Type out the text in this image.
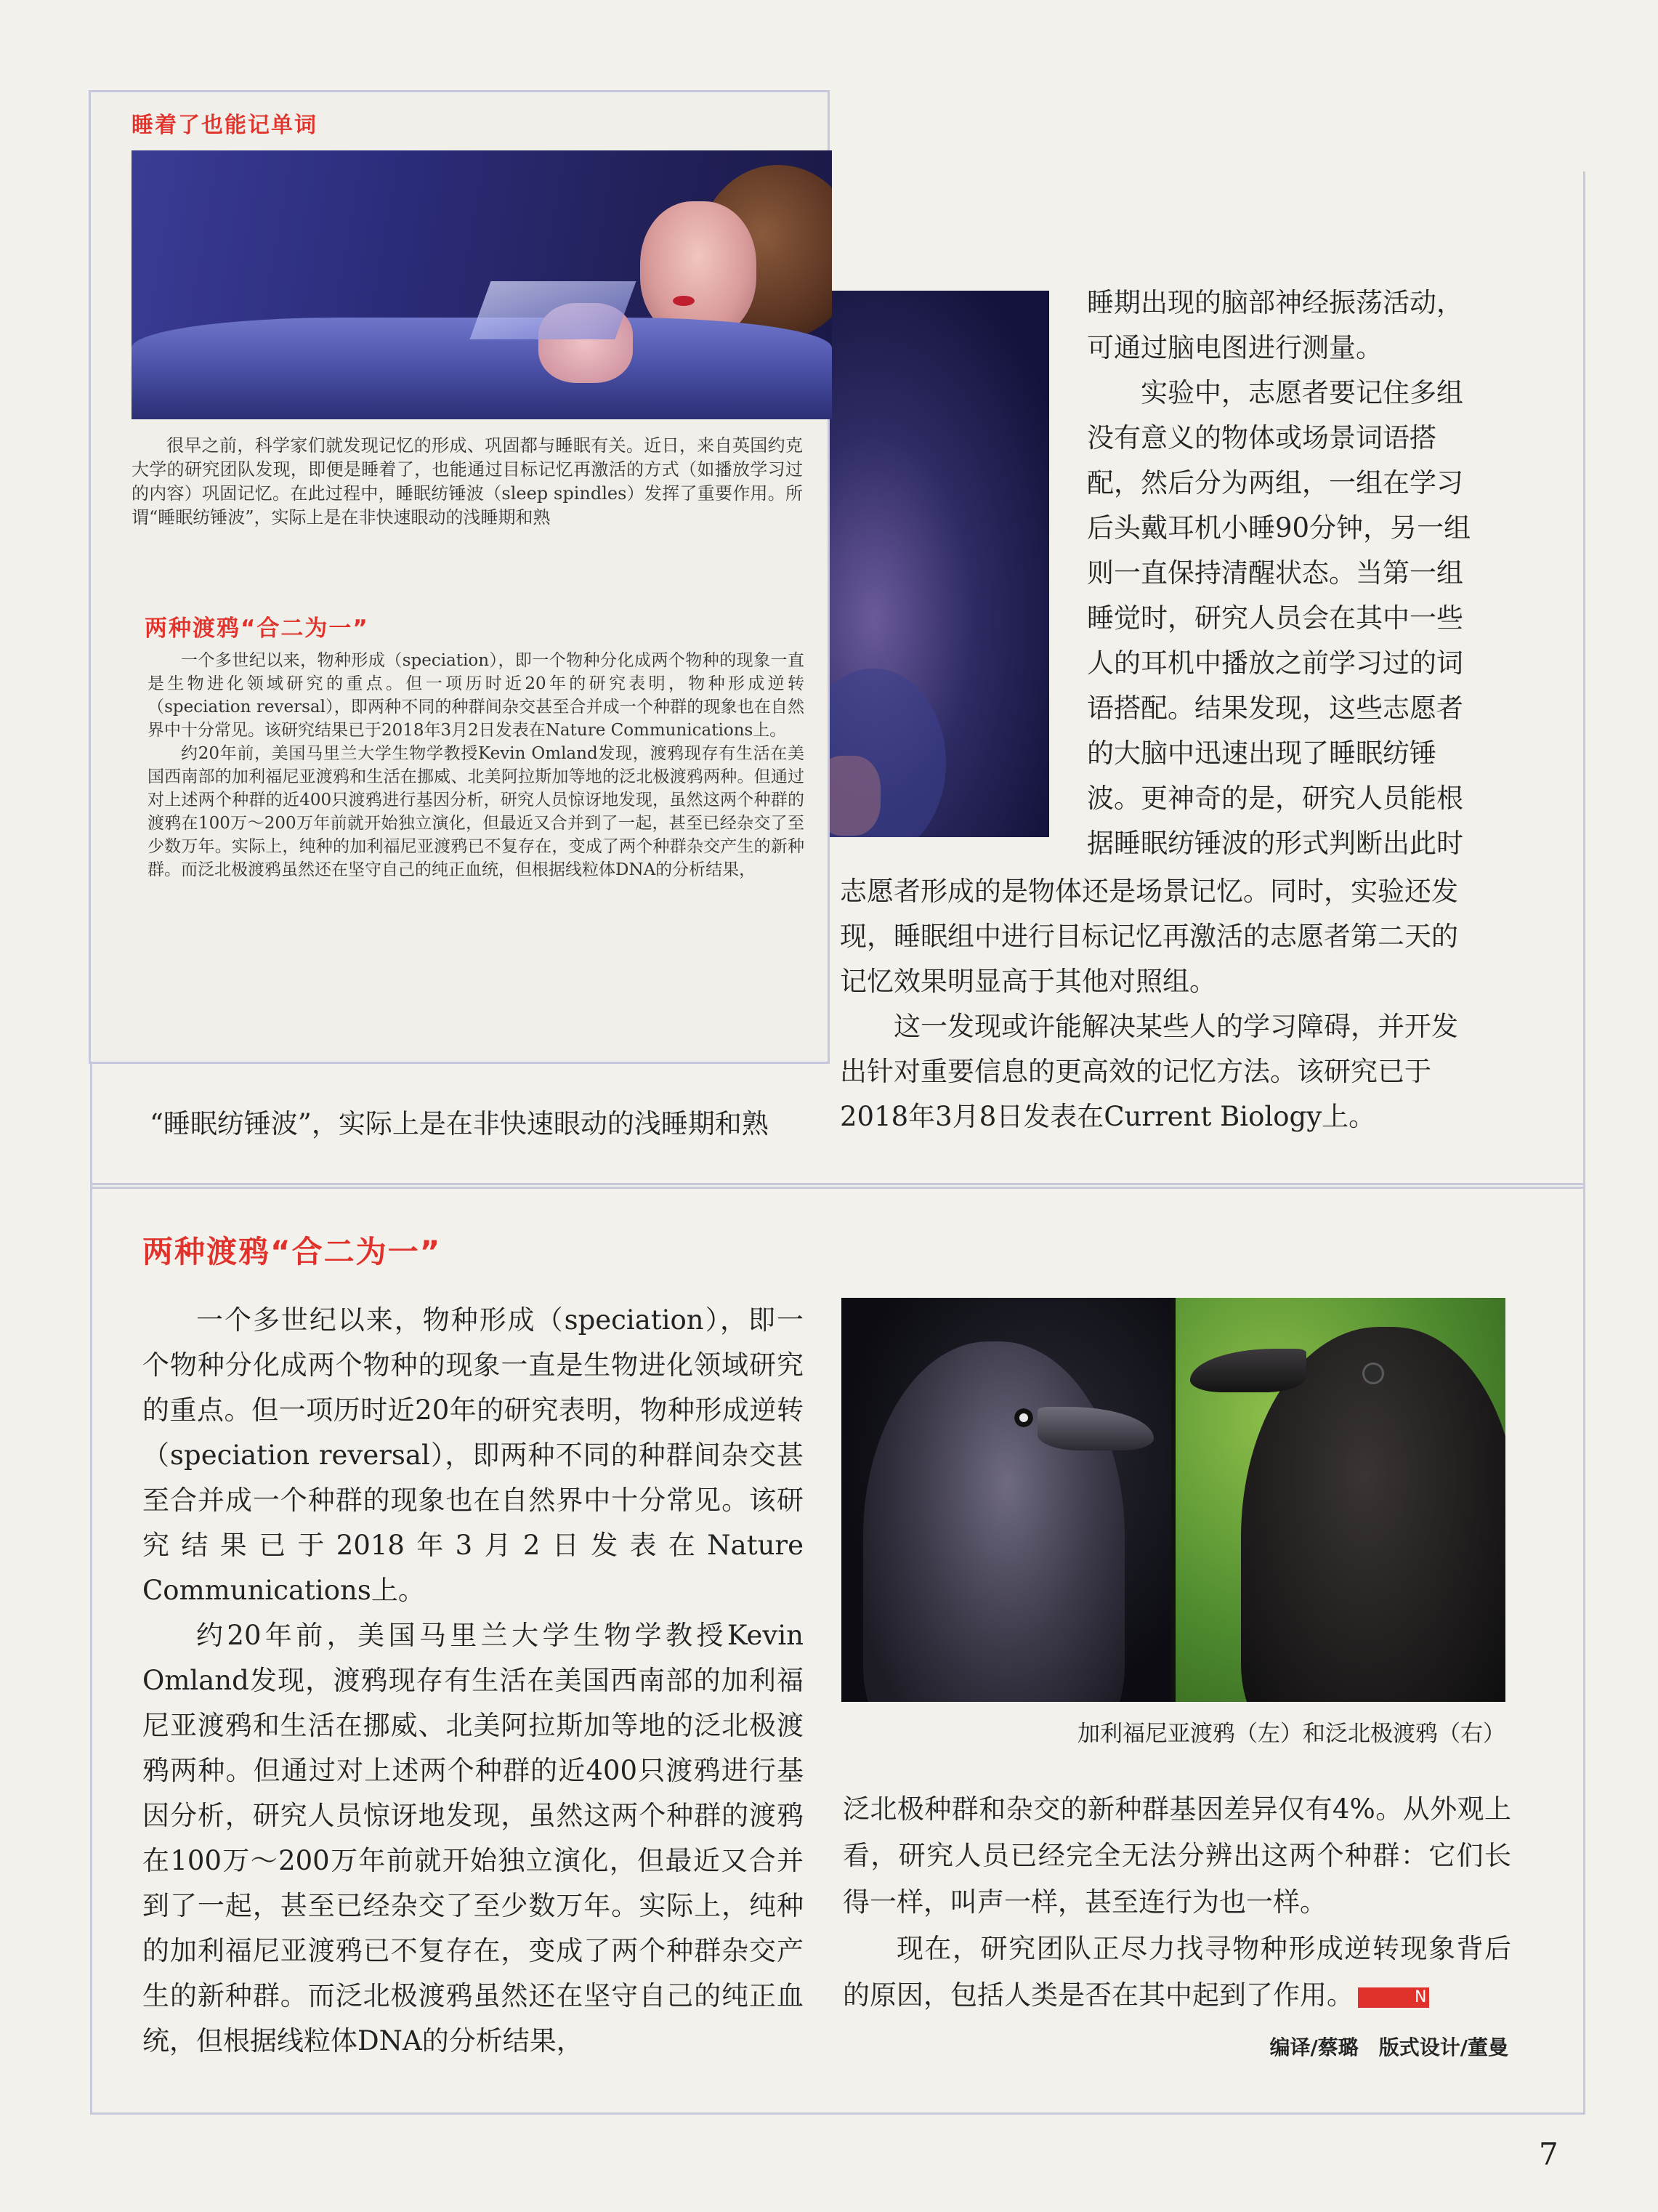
睡期出现的脑部神经振荡活动，
可通过脑电图进行测量。
实验中，志愿者要记住多组
没有意义的物体或场景词语搭
配，然后分为两组，一组在学习
后头戴耳机小睡90分钟，另一组
则一直保持清醒状态。当第一组
睡觉时，研究人员会在其中一些
人的耳机中播放之前学习过的词
语搭配。结果发现，这些志愿者
的大脑中迅速出现了睡眠纺锤
波。更神奇的是，研究人员能根
据睡眠纺锤波的形式判断出此时
志愿者形成的是物体还是场景记忆。同时，实验还发
现，睡眠组中进行目标记忆再激活的志愿者第二天的
记忆效果明显高于其他对照组。
这一发现或许能解决某些人的学习障碍，并开发
出针对重要信息的更高效的记忆方法。该研究已于
2018年3月8日发表在Current Biology上。
“睡眠纺锤波”，实际上是在非快速眼动的浅睡期和熟
两种渡鸦“合二为一”

一个多世纪以来，物种形成（speciation），即一个物种分化成两个物种的现象一直是生物进化领域研究的重点。但一项历时近20年的研究表明，物种形成逆转（speciation reversal），即两种不同的种群间杂交甚至合并成一个种群的现象也在自然界中十分常见。该研究结果已于2018年3月2日发表在Nature Communications上。

约20年前，美国马里兰大学生物学教授Kevin Omland发现，渡鸦现存有生活在美国西南部的加利福尼亚渡鸦和生活在挪威、北美阿拉斯加等地的泛北极渡鸦两种。但通过对上述两个种群的近400只渡鸦进行基因分析，研究人员惊讶地发现，虽然这两个种群的渡鸦在100万～200万年前就开始独立演化，但最近又合并到了一起，甚至已经杂交了至少数万年。实际上，纯种的加利福尼亚渡鸦已不复存在，变成了两个种群杂交产生的新种群。而泛北极渡鸦虽然还在坚守自己的纯正血统，但根据线粒体DNA的分析结果，

加利福尼亚渡鸦（左）和泛北极渡鸦（右）

泛北极种群和杂交的新种群基因差异仅有4%。从外观上看，研究人员已经完全无法分辨出这两个种群：它们长得一样，叫声一样，甚至连行为也一样。

现在，研究团队正尽力找寻物种形成逆转现象背后的原因，包括人类是否在其中起到了作用。	N

编译/蔡璐　版式设计/董曼
7
睡着了也能记单词

很早之前，科学家们就发现记忆的形成、巩固都与睡眠有关。近日，来自英国约克大学的研究团队发现，即便是睡着了，也能通过目标记忆再激活的方式（如播放学习过的内容）巩固记忆。在此过程中，睡眠纺锤波（sleep spindles）发挥了重要作用。所谓“睡眠纺锤波”，实际上是在非快速眼动的浅睡期和熟

两种渡鸦“合二为一”

一个多世纪以来，物种形成（speciation），即一个物种分化成两个物种的现象一直是生物进化领域研究的重点。但一项历时近20年的研究表明，物种形成逆转（speciation reversal），即两种不同的种群间杂交甚至合并成一个种群的现象也在自然界中十分常见。该研究结果已于2018年3月2日发表在Nature Communications上。

约20年前，美国马里兰大学生物学教授Kevin Omland发现，渡鸦现存有生活在美国西南部的加利福尼亚渡鸦和生活在挪威、北美阿拉斯加等地的泛北极渡鸦两种。但通过对上述两个种群的近400只渡鸦进行基因分析，研究人员惊讶地发现，虽然这两个种群的渡鸦在100万～200万年前就开始独立演化，但最近又合并到了一起，甚至已经杂交了至少数万年。实际上，纯种的加利福尼亚渡鸦已不复存在，变成了两个种群杂交产生的新种群。而泛北极渡鸦虽然还在坚守自己的纯正血统，但根据线粒体DNA的分析结果，
